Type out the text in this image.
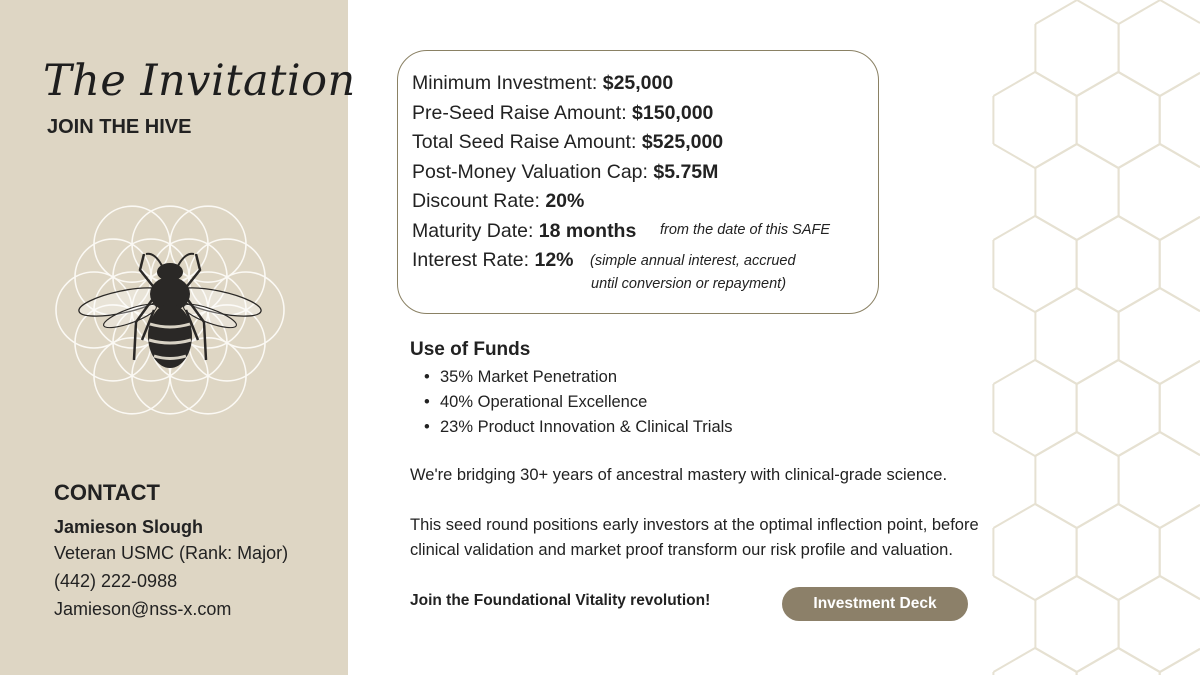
The Invitation
JOIN THE HIVE
CONTACT
Jamieson Slough
Veteran USMC (Rank: Major)
(442) 222-0988
Jamieson@nss-x.com
Minimum Investment: $25,000
Pre-Seed Raise Amount: $150,000
Total Seed Raise Amount: $525,000
Post-Money Valuation Cap: $5.75M
Discount Rate: 20%
Maturity Date: 18 months from the date of this SAFE
Interest Rate: 12% (simple annual interest, accrued
until conversion or repayment)
Use of Funds
• 35% Market Penetration
• 40% Operational Excellence
• 23% Product Innovation & Clinical Trials
We're bridging 30+ years of ancestral mastery with clinical-grade science.
This seed round positions early investors at the optimal inflection point, before
clinical validation and market proof transform our risk profile and valuation.
Join the Foundational Vitality revolution!	Investment Deck
